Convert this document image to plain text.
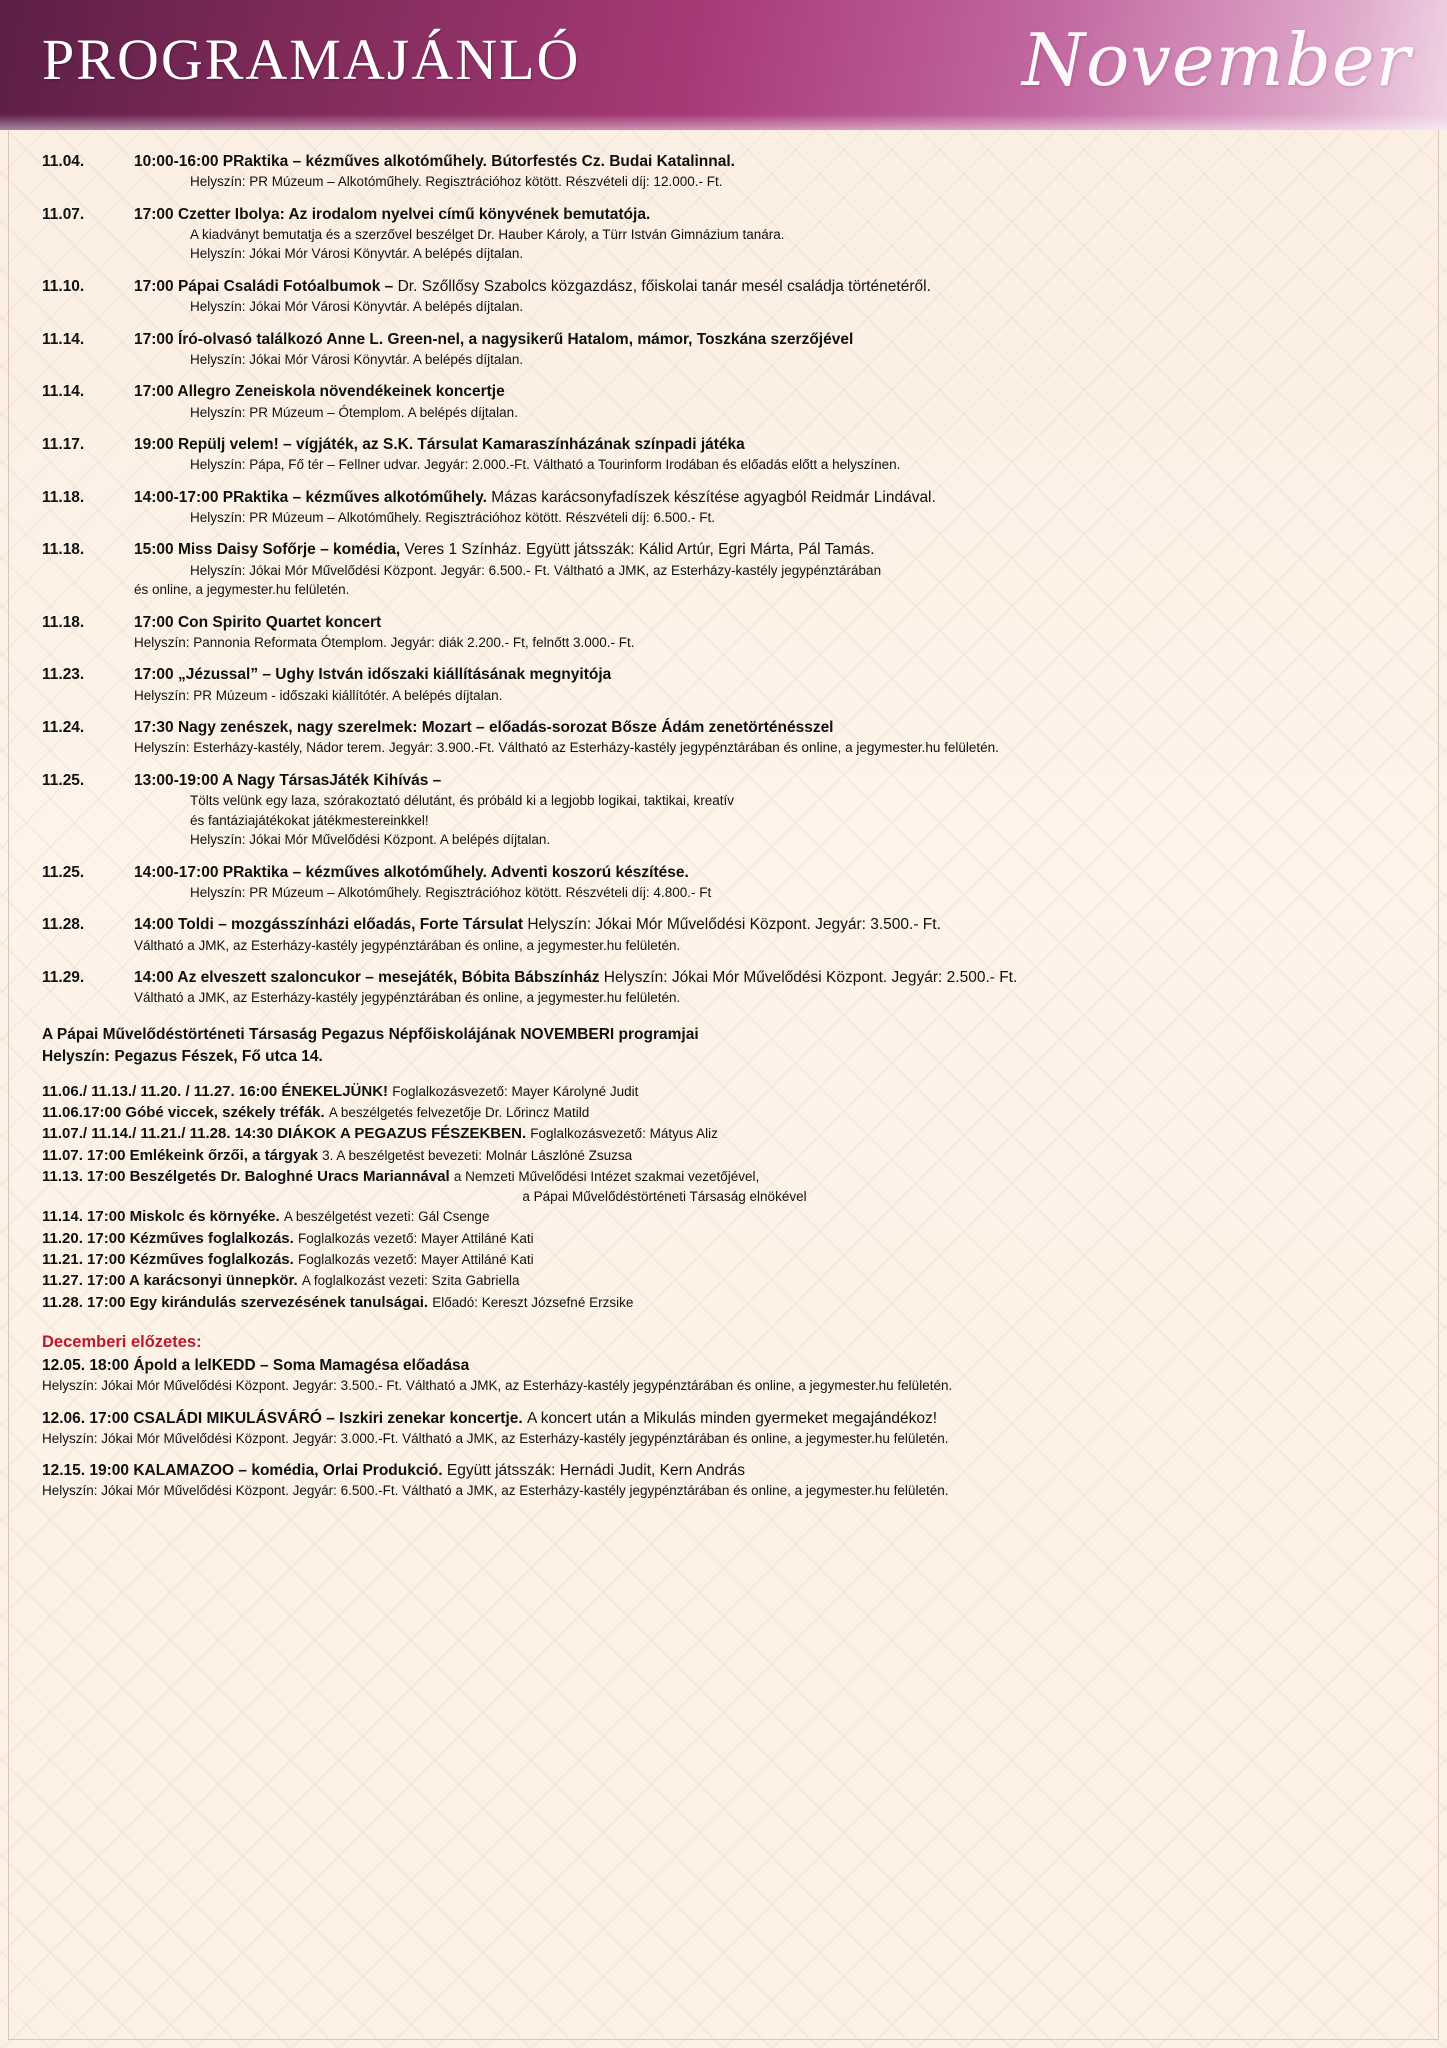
PROGRAMAJÁNLÓ	November
11.04.	10:00-16:00 PRaktika – kézműves alkotóműhely. Bútorfestés Cz. Budai Katalinnal.
Helyszín: PR Múzeum – Alkotóműhely. Regisztrációhoz kötött. Részvételi díj: 12.000.- Ft.
11.07.	17:00 Czetter Ibolya: Az irodalom nyelvei című könyvének bemutatója.
A kiadványt bemutatja és a szerzővel beszélget Dr. Hauber Károly, a Türr István Gimnázium tanára.
Helyszín: Jókai Mór Városi Könyvtár. A belépés díjtalan.
11.10.	17:00 Pápai Családi Fotóalbumok – Dr. Szőllősy Szabolcs közgazdász, főiskolai tanár mesél családja történetéről.
Helyszín: Jókai Mór Városi Könyvtár. A belépés díjtalan.
11.14.	17:00 Író-olvasó találkozó Anne L. Green-nel, a nagysikerű Hatalom, mámor, Toszkána szerzőjével
Helyszín: Jókai Mór Városi Könyvtár. A belépés díjtalan.
11.14.	17:00 Allegro Zeneiskola növendékeinek koncertje
Helyszín: PR Múzeum – Ótemplom. A belépés díjtalan.
11.17.	19:00 Repülj velem! – vígjáték, az S.K. Társulat Kamaraszínházának színpadi játéka
Helyszín: Pápa, Fő tér – Fellner udvar. Jegyár: 2.000.-Ft. Váltható a Tourinform Irodában és előadás előtt a helyszínen.
11.18.	14:00-17:00 PRaktika – kézműves alkotóműhely. Mázas karácsonyfadíszek készítése agyagból Reidmár Lindával.
Helyszín: PR Múzeum – Alkotóműhely. Regisztrációhoz kötött. Részvételi díj: 6.500.- Ft.
11.18.	15:00 Miss Daisy Sofőrje – komédia, Veres 1 Színház. Együtt játsszák: Kálid Artúr, Egri Márta, Pál Tamás.
Helyszín: Jókai Mór Művelődési Központ. Jegyár: 6.500.- Ft. Váltható a JMK, az Esterházy-kastély jegypénztárában
és online, a jegymester.hu felületén.
11.18.	17:00 Con Spirito Quartet koncert
Helyszín: Pannonia Reformata Ótemplom. Jegyár: diák 2.200.- Ft, felnőtt 3.000.- Ft.
11.23.	17:00 „Jézussal” – Ughy István időszaki kiállításának megnyitója
Helyszín: PR Múzeum - időszaki kiállítótér. A belépés díjtalan.
11.24.	17:30 Nagy zenészek, nagy szerelmek: Mozart – előadás-sorozat Bősze Ádám zenetörténésszel
Helyszín: Esterházy-kastély, Nádor terem. Jegyár: 3.900.-Ft. Váltható az Esterházy-kastély jegypénztárában és online, a jegymester.hu felületén.
11.25.	13:00-19:00 A Nagy TársasJáték Kihívás –
Tölts velünk egy laza, szórakoztató délutánt, és próbáld ki a legjobb logikai, taktikai, kreatív
és fantáziajátékokat játékmestereinkkel!
Helyszín: Jókai Mór Művelődési Központ. A belépés díjtalan.
11.25.	14:00-17:00 PRaktika – kézműves alkotóműhely. Adventi koszorú készítése.
Helyszín: PR Múzeum – Alkotóműhely. Regisztrációhoz kötött. Részvételi díj: 4.800.- Ft
11.28.	14:00 Toldi – mozgásszínházi előadás, Forte Társulat Helyszín: Jókai Mór Művelődési Központ. Jegyár: 3.500.- Ft.
Váltható a JMK, az Esterházy-kastély jegypénztárában és online, a jegymester.hu felületén.
11.29.	14:00 Az elveszett szaloncukor – mesejáték, Bóbita Bábszínház Helyszín: Jókai Mór Művelődési Központ. Jegyár: 2.500.- Ft.
Váltható a JMK, az Esterházy-kastély jegypénztárában és online, a jegymester.hu felületén.
A Pápai Művelődéstörténeti Társaság Pegazus Népfőiskolájának NOVEMBERI programjai
Helyszín: Pegazus Fészek, Fő utca 14.
11.06./ 11.13./ 11.20. / 11.27. 16:00 ÉNEKELJÜNK! Foglalkozásvezető: Mayer Károlyné Judit
11.06.17:00 Góbé viccek, székely tréfák. A beszélgetés felvezetője Dr. Lőrincz Matild
11.07./ 11.14./ 11.21./ 11.28. 14:30 DIÁKOK A PEGAZUS FÉSZEKBEN. Foglalkozásvezető: Mátyus Aliz
11.07. 17:00 Emlékeink őrzői, a tárgyak 3. A beszélgetést bevezeti: Molnár Lászlóné Zsuzsa
11.13. 17:00 Beszélgetés Dr. Baloghné Uracs Mariannával a Nemzeti Művelődési Intézet szakmai vezetőjével,
a Pápai Művelődéstörténeti Társaság elnökével
11.14. 17:00 Miskolc és környéke. A beszélgetést vezeti: Gál Csenge
11.20. 17:00 Kézműves foglalkozás. Foglalkozás vezető: Mayer Attiláné Kati
11.21. 17:00 Kézműves foglalkozás. Foglalkozás vezető: Mayer Attiláné Kati
11.27. 17:00 A karácsonyi ünnepkör. A foglalkozást vezeti: Szita Gabriella
11.28. 17:00 Egy kirándulás szervezésének tanulságai. Előadó: Kereszt Józsefné Erzsike
Decemberi előzetes:
12.05. 18:00 Ápold a lelKEDD – Soma Mamagésa előadása
Helyszín: Jókai Mór Művelődési Központ. Jegyár: 3.500.- Ft. Váltható a JMK, az Esterházy-kastély jegypénztárában és online, a jegymester.hu felületén.
12.06. 17:00 CSALÁDI MIKULÁSVÁRÓ – Iszkiri zenekar koncertje. A koncert után a Mikulás minden gyermeket megajándékoz!
Helyszín: Jókai Mór Művelődési Központ. Jegyár: 3.000.-Ft. Váltható a JMK, az Esterházy-kastély jegypénztárában és online, a jegymester.hu felületén.
12.15. 19:00 KALAMAZOO – komédia, Orlai Produkció. Együtt játsszák: Hernádi Judit, Kern András
Helyszín: Jókai Mór Művelődési Központ. Jegyár: 6.500.-Ft. Váltható a JMK, az Esterházy-kastély jegypénztárában és online, a jegymester.hu felületén.
